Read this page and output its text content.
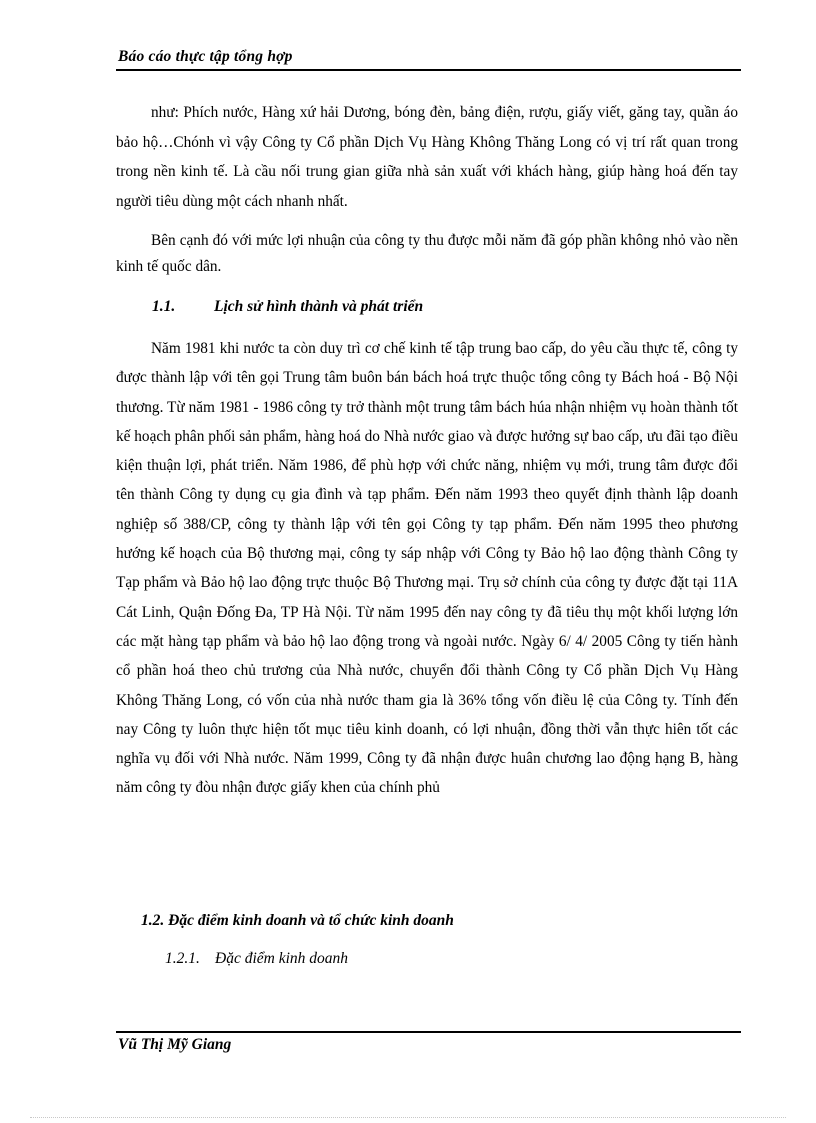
Báo cáo thực tập tổng hợp
như: Phích nước, Hàng xứ hải Dương, bóng đèn, bảng điện, rượu, giấy viết, găng tay, quần áo bảo hộ…Chónh vì vậy Công ty Cổ phần Dịch Vụ Hàng Không Thăng Long có vị trí rất quan trong trong nền kinh tế. Là cầu nối trung gian giữa nhà sản xuất với khách hàng, giúp hàng hoá đến tay người tiêu dùng một cách nhanh nhất.
Bên cạnh đó với mức lợi nhuận của công ty thu được mỗi năm đã góp phần không nhỏ vào nền kinh tế quốc dân.
1.1.	Lịch sử hình thành và phát triển
Năm 1981 khi nước ta còn duy trì cơ chế kinh tế tập trung bao cấp, do yêu cầu thực tế, công ty được thành lập với tên gọi Trung tâm buôn bán bách hoá trực thuộc tổng công ty Bách hoá - Bộ Nội thương. Từ năm 1981 - 1986 công ty trở thành một trung tâm bách húa nhận nhiệm vụ hoàn thành tốt kế hoạch phân phối sản phẩm, hàng hoá do Nhà nước giao và được hưởng sự bao cấp, ưu đãi tạo điều kiện thuận lợi, phát triển. Năm 1986, để phù hợp với chức năng, nhiệm vụ mới, trung tâm được đổi tên thành Công ty dụng cụ gia đình và tạp phẩm. Đến năm 1993 theo quyết định thành lập doanh nghiệp số 388/CP, công ty thành lập với tên gọi Công ty tạp phẩm. Đến năm 1995 theo phương hướng kế hoạch của Bộ thương mại, công ty sáp nhập với Công ty Bảo hộ lao động thành Công ty Tạp phẩm và Bảo hộ lao động trực thuộc Bộ Thương mại. Trụ sở chính của công ty được đặt tại 11A Cát Linh, Quận Đống Đa, TP Hà Nội. Từ năm 1995 đến nay công ty đã tiêu thụ một khối lượng lớn các mặt hàng tạp phẩm và bảo hộ lao động trong và ngoài nước. Ngày 6/ 4/ 2005 Công ty tiến hành cổ phần hoá theo chủ trương của Nhà nước, chuyển đổi thành Công ty Cổ phần Dịch Vụ Hàng Không Thăng Long, có vốn của nhà nước tham gia là 36% tổng vốn điều lệ của Công ty. Tính đến nay Công ty luôn thực hiện tốt mục tiêu kinh doanh, có lợi nhuận, đồng thời vẫn thực hiên tốt các nghĩa vụ đối với Nhà nước. Năm 1999, Công ty đã nhận được huân chương lao động hạng B, hàng năm công ty đòu nhận được giấy khen của chính phủ
1.2. Đặc điểm kinh doanh và tổ chức kinh doanh
1.2.1. Đặc điểm kinh doanh
Vũ Thị Mỹ Giang
